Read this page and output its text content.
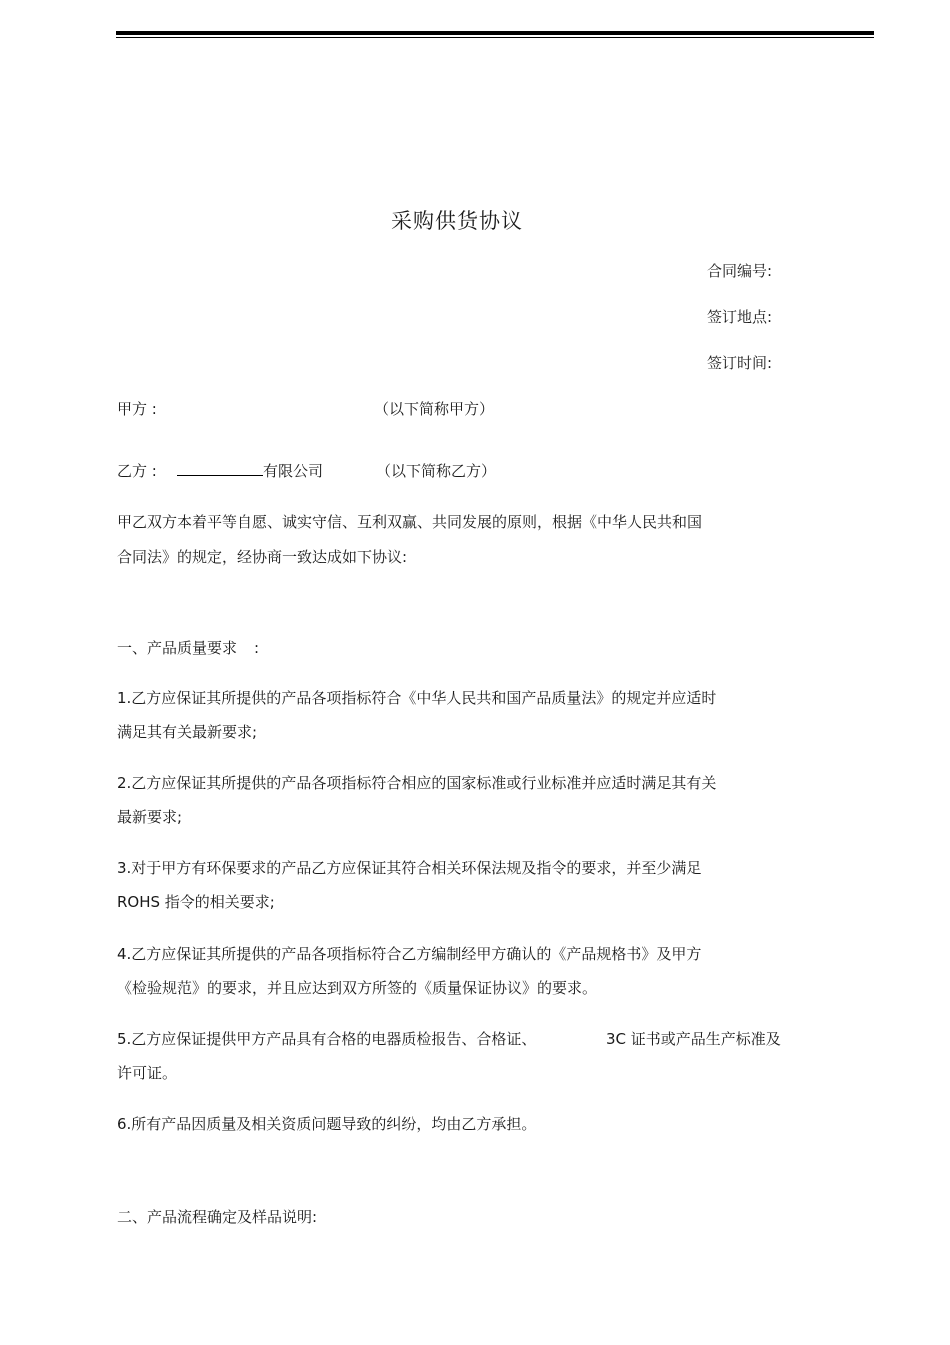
采购供货协议
合同编号:
签订地点:
签订时间:
甲方 :	（以下简称甲方）
乙方 :	有限公司	（以下简称乙方）
甲乙双方本着平等自愿、诚实守信、互利双赢、共同发展的原则，根据《中华人民共和国
合同法》的规定，经协商一致达成如下协议:
一、产品质量要求 :
1.乙方应保证其所提供的产品各项指标符合《中华人民共和国产品质量法》的规定并应适时
满足其有关最新要求;
2.乙方应保证其所提供的产品各项指标符合相应的国家标准或行业标准并应适时满足其有关
最新要求;
3.对于甲方有环保要求的产品乙方应保证其符合相关环保法规及指令的要求，并至少满足
ROHS 指令的相关要求;
4.乙方应保证其所提供的产品各项指标符合乙方编制经甲方确认的《产品规格书》及甲方
《检验规范》的要求，并且应达到双方所签的《质量保证协议》的要求。
5.乙方应保证提供甲方产品具有合格的电器质检报告、合格证、	3C 证书或产品生产标准及
许可证。
6.所有产品因质量及相关资质问题导致的纠纷，均由乙方承担。
二、产品流程确定及样品说明:
